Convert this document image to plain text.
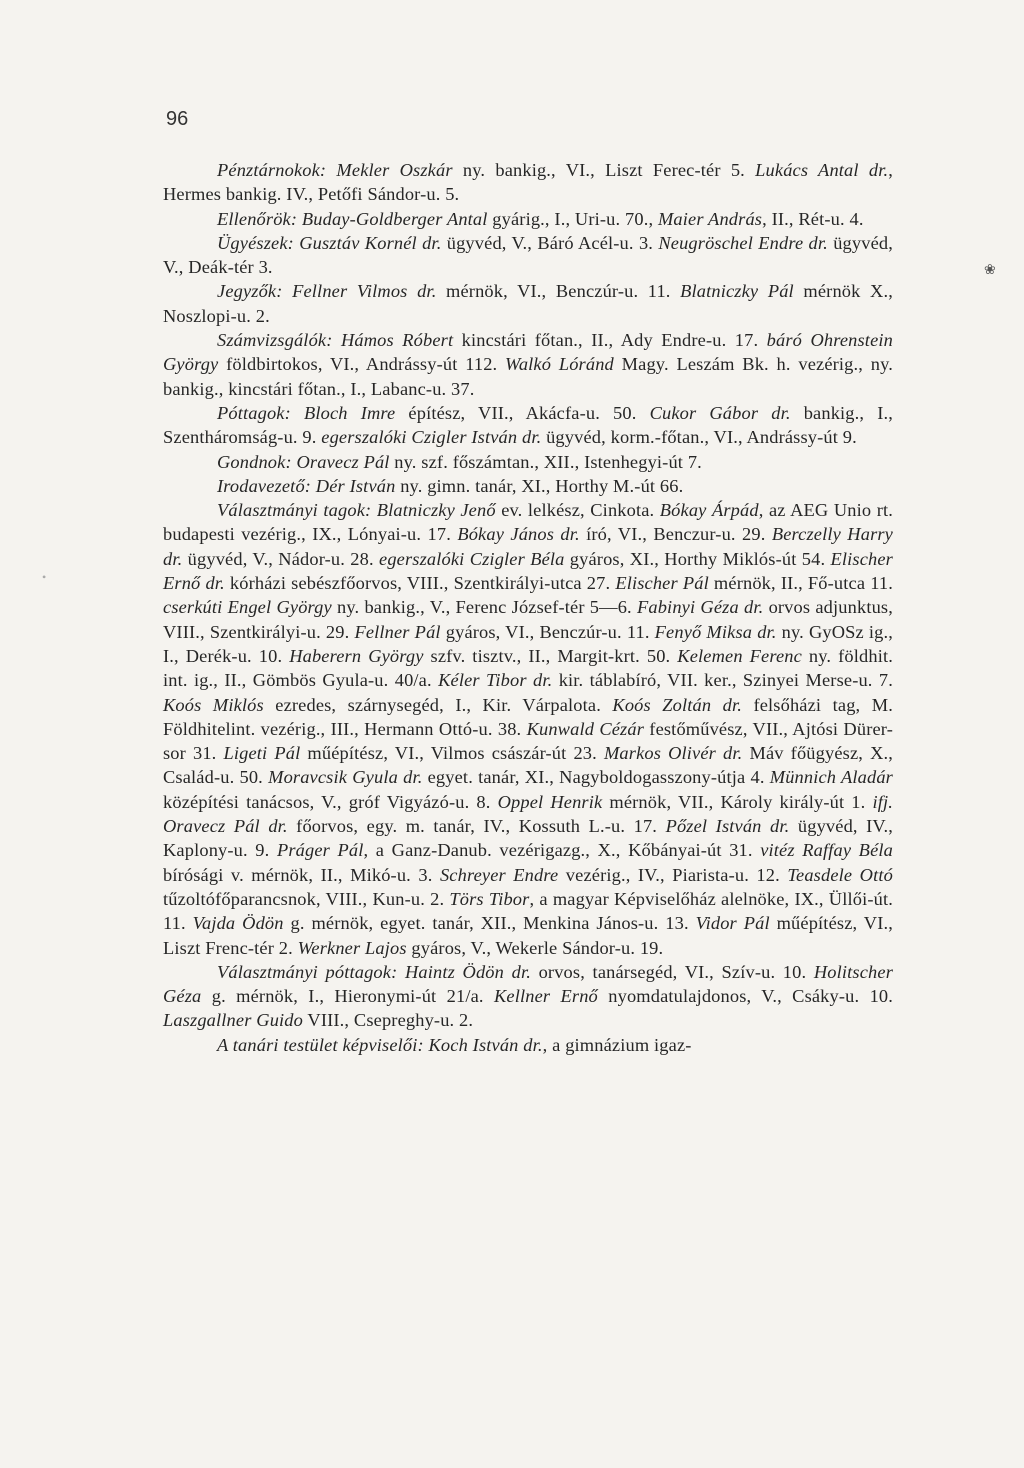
96
❀
•

Pénztárnokok: Mekler Oszkár ny. bankig., VI., Liszt Ferec-tér 5. Lukács Antal dr., Hermes bankig. IV., Petőfi Sándor-u. 5.

Ellenőrök: Buday-Goldberger Antal gyárig., I., Uri-u. 70., Maier András, II., Rét-u. 4.

Ügyészek: Gusztáv Kornél dr. ügyvéd, V., Báró Acél-u. 3. Neugröschel Endre dr. ügyvéd, V., Deák-tér 3.

Jegyzők: Fellner Vilmos dr. mérnök, VI., Benczúr-u. 11. Blatniczky Pál mérnök X., Noszlopi-u. 2.

Számvizsgálók: Hámos Róbert kincstári főtan., II., Ady Endre-u. 17. báró Ohrenstein György földbirtokos, VI., Andrássy-út 112. Walkó Lóránd Magy. Leszám Bk. h. vezérig., ny. bankig., kincstári főtan., I., Labanc-u. 37.

Póttagok: Bloch Imre építész, VII., Akácfa-u. 50. Cukor Gábor dr. bankig., I., Szentháromság-u. 9. egerszalóki Czigler István dr. ügyvéd, korm.-főtan., VI., Andrássy-út 9.

Gondnok: Oravecz Pál ny. szf. főszámtan., XII., Istenhegyi-út 7.

Irodavezető: Dér István ny. gimn. tanár, XI., Horthy M.-út 66.

Választmányi tagok: Blatniczky Jenő ev. lelkész, Cinkota. Bókay Árpád, az AEG Unio rt. budapesti vezérig., IX., Lónyai-u. 17. Bókay János dr. író, VI., Benczur-u. 29. Berczelly Harry dr. ügyvéd, V., Nádor-u. 28. egerszalóki Czigler Béla gyáros, XI., Horthy Miklós-út 54. Elischer Ernő dr. kórházi sebészfőorvos, VIII., Szentkirályi-utca 27. Elischer Pál mérnök, II., Fő-utca 11. cserkúti Engel György ny. bankig., V., Ferenc József-tér 5—6. Fabinyi Géza dr. orvos adjunktus, VIII., Szentkirályi-u. 29. Fellner Pál gyáros, VI., Benczúr-u. 11. Fenyő Miksa dr. ny. GyOSz ig., I., Derék-u. 10. Haberern György szfv. tisztv., II., Margit-krt. 50. Kelemen Ferenc ny. földhit. int. ig., II., Gömbös Gyula-u. 40/a. Kéler Tibor dr. kir. táblabíró, VII. ker., Szinyei Merse-u. 7. Koós Miklós ezredes, szárnysegéd, I., Kir. Várpalota. Koós Zoltán dr. felsőházi tag, M. Földhitelint. vezérig., III., Hermann Ottó-u. 38. Kunwald Cézár festőművész, VII., Ajtósi Dürer-sor 31. Ligeti Pál műépítész, VI., Vilmos császár-út 23. Markos Olivér dr. Máv főügyész, X., Család-u. 50. Moravcsik Gyula dr. egyet. tanár, XI., Nagyboldogasszony-útja 4. Münnich Aladár középítési tanácsos, V., gróf Vigyázó-u. 8. Oppel Henrik mérnök, VII., Károly király-út 1. ifj. Oravecz Pál dr. főorvos, egy. m. tanár, IV., Kossuth L.-u. 17. Pőzel István dr. ügyvéd, IV., Kaplony-u. 9. Práger Pál, a Ganz-Danub. vezérigazg., X., Kőbányai-út 31. vitéz Raffay Béla bírósági v. mérnök, II., Mikó-u. 3. Schreyer Endre vezérig., IV., Piarista-u. 12. Teasdele Ottó tűzoltófőparancsnok, VIII., Kun-u. 2. Törs Tibor, a magyar Képviselőház alelnöke, IX., Üllői-út. 11. Vajda Ödön g. mérnök, egyet. tanár, XII., Menkina János-u. 13. Vidor Pál műépítész, VI., Liszt Frenc-tér 2. Werkner Lajos gyáros, V., Wekerle Sándor-u. 19.

Választmányi póttagok: Haintz Ödön dr. orvos, tanársegéd, VI., Szív-u. 10. Holitscher Géza g. mérnök, I., Hieronymi-út 21/a. Kellner Ernő nyomdatulajdonos, V., Csáky-u. 10. Laszgallner Guido VIII., Csepreghy-u. 2.

A tanári testület képviselői: Koch István dr., a gimnázium igaz-
